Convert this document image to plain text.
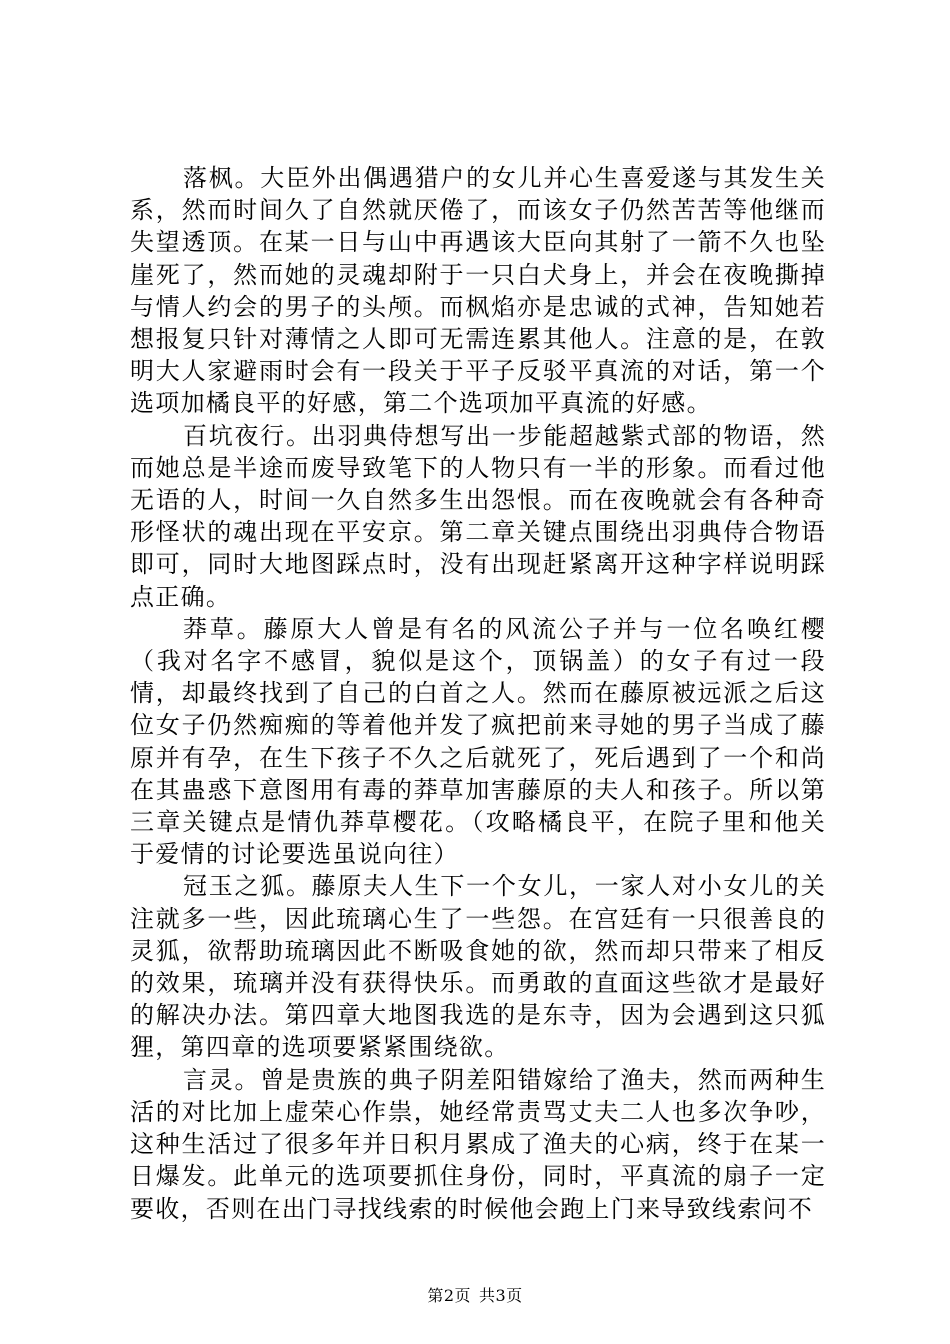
落枫。大臣外出偶遇猎户的女儿并心生喜爱遂与其发生关系，然而时间久了自然就厌倦了，而该女子仍然苦苦等他继而失望透顶。在某一日与山中再遇该大臣向其射了一箭不久也坠崖死了，然而她的灵魂却附于一只白犬身上，并会在夜晚撕掉与情人约会的男子的头颅。而枫焰亦是忠诚的式神，告知她若想报复只针对薄情之人即可无需连累其他人。注意的是，在敦明大人家避雨时会有一段关于平子反驳平真流的对话，第一个选项加橘良平的好感，第二个选项加平真流的好感。

百坑夜行。出羽典侍想写出一步能超越紫式部的物语，然而她总是半途而废导致笔下的人物只有一半的形象。而看过他无语的人，时间一久自然多生出怨恨。而在夜晚就会有各种奇形怪状的魂出现在平安京。第二章关键点围绕出羽典侍合物语即可，同时大地图踩点时，没有出现赶紧离开这种字样说明踩点正确。

莽草。藤原大人曾是有名的风流公子并与一位名唤红樱（我对名字不感冒，貌似是这个，顶锅盖）的女子有过一段情，却最终找到了自己的白首之人。然而在藤原被远派之后这位女子仍然痴痴的等着他并发了疯把前来寻她的男子当成了藤原并有孕，在生下孩子不久之后就死了，死后遇到了一个和尚在其蛊惑下意图用有毒的莽草加害藤原的夫人和孩子。所以第三章关键点是情仇莽草樱花。（攻略橘良平，在院子里和他关于爱情的讨论要选虽说向往）

冠玉之狐。藤原夫人生下一个女儿，一家人对小女儿的关注就多一些，因此琉璃心生了一些怨。在宫廷有一只很善良的灵狐，欲帮助琉璃因此不断吸食她的欲，然而却只带来了相反的效果，琉璃并没有获得快乐。而勇敢的直面这些欲才是最好的解决办法。第四章大地图我选的是东寺，因为会遇到这只狐狸，第四章的选项要紧紧围绕欲。

言灵。曾是贵族的典子阴差阳错嫁给了渔夫，然而两种生活的对比加上虚荣心作祟，她经常责骂丈夫二人也多次争吵，这种生活过了很多年并日积月累成了渔夫的心病，终于在某一日爆发。此单元的选项要抓住身份，同时，平真流的扇子一定要收，否则在出门寻找线索的时候他会跑上门来导致线索问不

第2页 共3页
